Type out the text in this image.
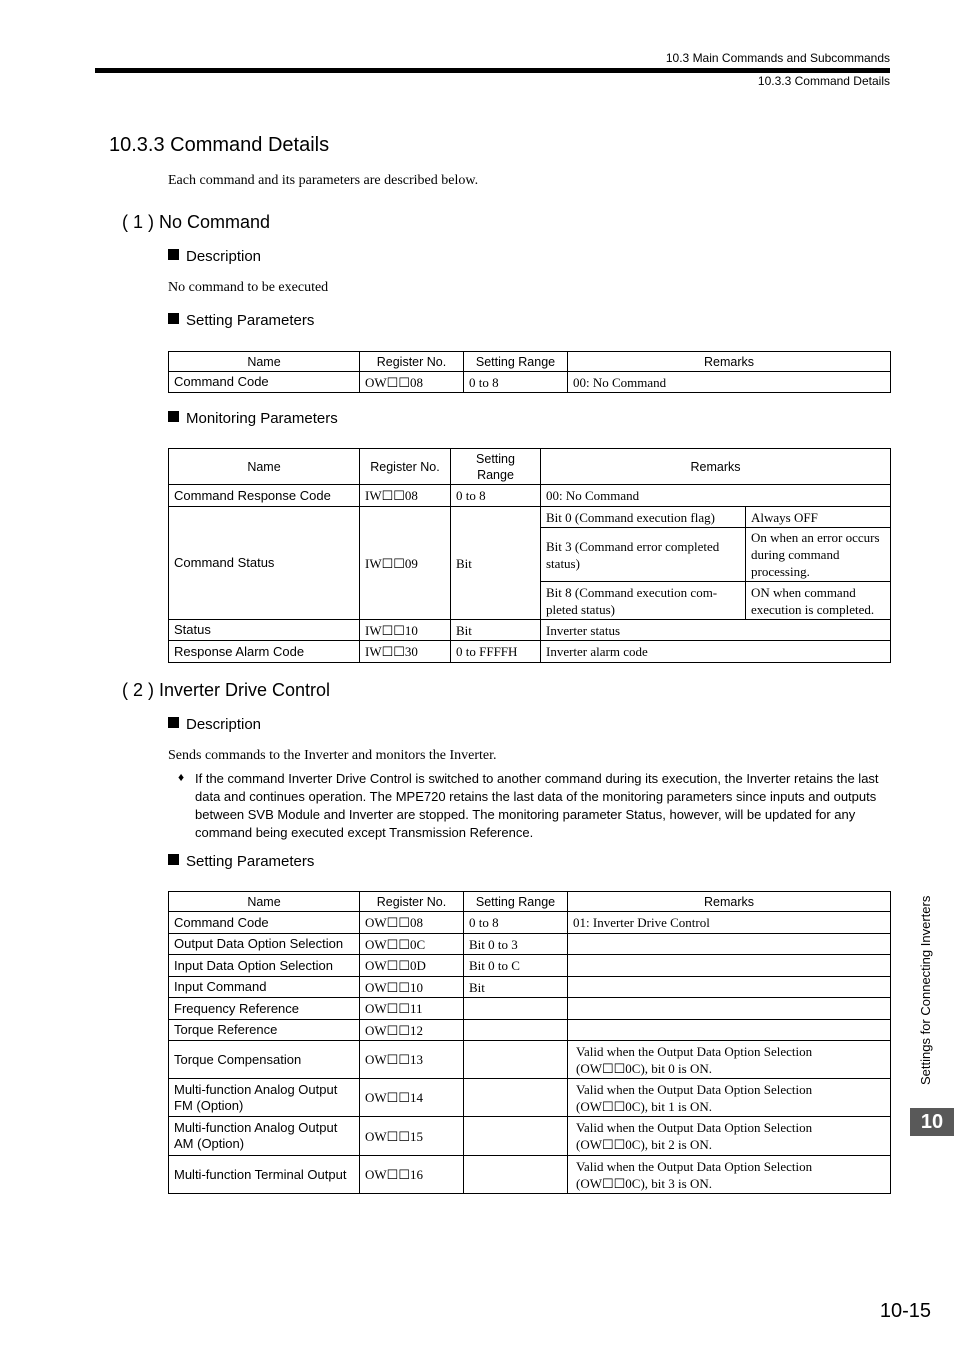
10.3 Main Commands and Subcommands
10.3.3 Command Details
10.3.3 Command Details
Each command and its parameters are described below.
( 1 ) No Command
Description
No command to be executed
Setting Parameters
Name	Register No.	Setting Range	Remarks
Command Code	OW☐☐08	0 to 8	00: No Command
Monitoring Parameters
Name	Register No.	Setting Range	Remarks	
Command Response Code	IW☐☐08	0 to 8	00: No Command	
Command Status	IW☐☐09	Bit	Bit 0 (Command execution flag)	Always OFF
			Bit 3 (Command error completed status)	On when an error occurs during command processing.
			Bit 8 (Command execution com-pleted status)	ON when command execution is completed.
Status	IW☐☐10	Bit	Inverter status	
Response Alarm Code	IW☐☐30	0 to FFFFH	Inverter alarm code	
( 2 ) Inverter Drive Control
Description
Sends commands to the Inverter and monitors the Inverter.
♦ If the command Inverter Drive Control is switched to another command during its execution, the Inverter retains the last data and continues operation. The MPE720 retains the last data of the monitoring parameters since inputs and outputs between SVB Module and Inverter are stopped. The monitoring parameter Status, however, will be updated for any command being executed except Transmission Reference.
Setting Parameters
Name	Register No.	Setting Range	Remarks
Command Code	OW☐☐08	0 to 8	01: Inverter Drive Control
Output Data Option Selection	OW☐☐0C	Bit 0 to 3	
Input Data Option Selection	OW☐☐0D	Bit 0 to C	
Input Command	OW☐☐10	Bit	
Frequency Reference	OW☐☐11		
Torque Reference	OW☐☐12		
Torque Compensation	OW☐☐13		Valid when the Output Data Option Selection (OW☐☐0C), bit 0 is ON.
Multi-function Analog Output FM (Option)	OW☐☐14		Valid when the Output Data Option Selection (OW☐☐0C), bit 1 is ON.
Multi-function Analog Output AM (Option)	OW☐☐15		Valid when the Output Data Option Selection (OW☐☐0C), bit 2 is ON.
Multi-function Terminal Output	OW☐☐16		Valid when the Output Data Option Selection (OW☐☐0C), bit 3 is ON.
Settings for Connecting Inverters
10
10-15
